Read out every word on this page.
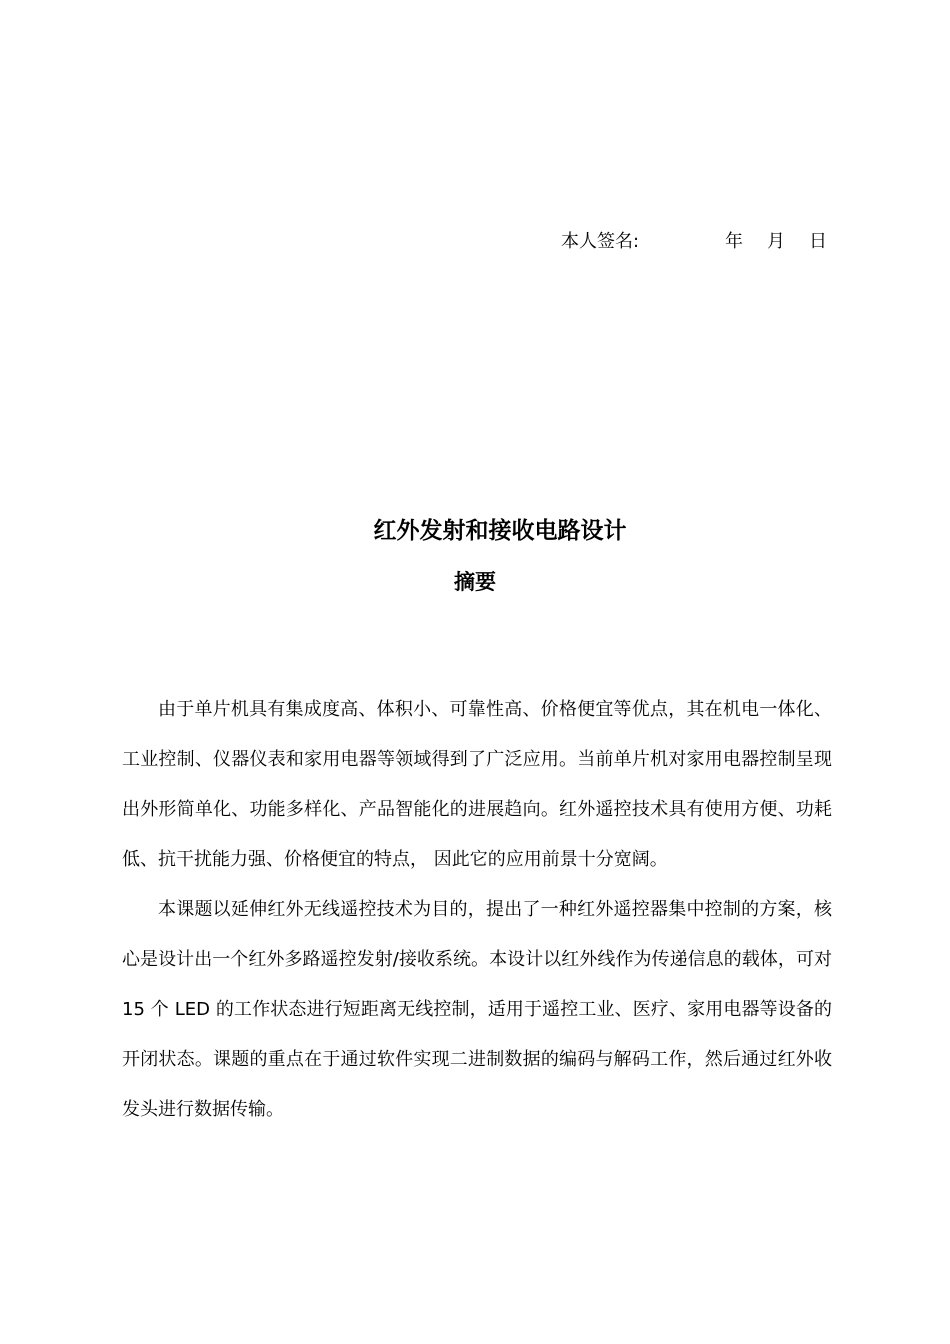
本人签名:	年 月 日
红外发射和接收电路设计
摘要

由于单片机具有集成度高、体积小、可靠性高、价格便宜等优点，其在机电一体化、工业控制、仪器仪表和家用电器等领域得到了广泛应用。当前单片机对家用电器控制呈现出外形简单化、功能多样化、产品智能化的进展趋向。红外遥控技术具有使用方便、功耗低、抗干扰能力强、价格便宜的特点， 因此它的应用前景十分宽阔。

本课题以延伸红外无线遥控技术为目的，提出了一种红外遥控器集中控制的方案，核心是设计出一个红外多路遥控发射/接收系统。本设计以红外线作为传递信息的载体，可对 15 个 LED 的工作状态进行短距离无线控制，适用于遥控工业、医疗、家用电器等设备的开闭状态。课题的重点在于通过软件实现二进制数据的编码与解码工作，然后通过红外收发头进行数据传输。
